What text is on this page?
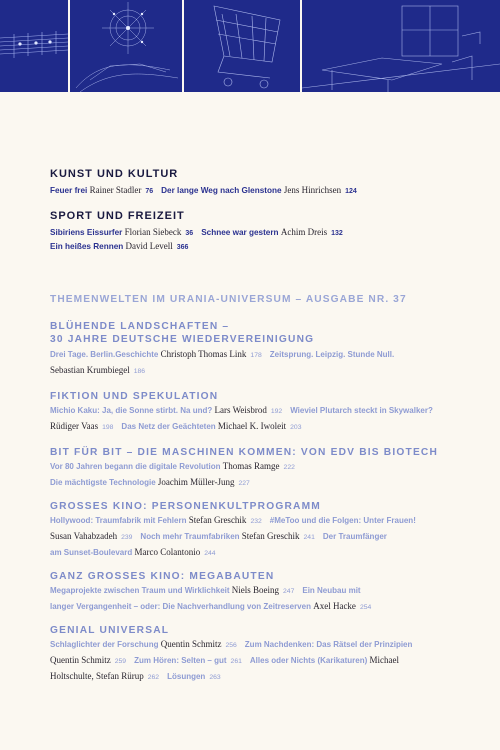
KUNST UND KULTUR
Feuer frei Rainer Stadler 76 Der lange Weg nach Glenstone Jens Hinrichsen 124
SPORT UND FREIZEIT
Sibiriens Eissurfer Florian Siebeck 36 Schnee war gestern Achim Dreis 132
Ein heißes Rennen David Levell 366
THEMENWELTEN IM URANIA-UNIVERSUM – AUSGABE NR. 37
BLÜHENDE LANDSCHAFTEN –
30 JAHRE DEUTSCHE WIEDERVEREINIGUNG
Drei Tage. Berlin.Geschichte Christoph Thomas Link 178 Zeitsprung. Leipzig. Stunde Null.
Sebastian Krumbiegel 186
FIKTION UND SPEKULATION
Michio Kaku: Ja, die Sonne stirbt. Na und? Lars Weisbrod 192 Wieviel Plutarch steckt in Skywalker?
Rüdiger Vaas 198 Das Netz der Geächteten Michael K. Iwoleit 203
BIT FÜR BIT – DIE MASCHINEN KOMMEN: VON EDV BIS BIOTECH
Vor 80 Jahren begann die digitale Revolution Thomas Ramge 222
Die mächtigste Technologie Joachim Müller-Jung 227
GROSSES KINO: PERSONENKULTPROGRAMM
Hollywood: Traumfabrik mit Fehlern Stefan Greschik 232 #MeToo und die Folgen: Unter Frauen!
Susan Vahabzadeh 239 Noch mehr Traumfabriken Stefan Greschik 241 Der Traumfänger
am Sunset-Boulevard Marco Colantonio 244
GANZ GROSSES KINO: MEGABAUTEN
Megaprojekte zwischen Traum und Wirklichkeit Niels Boeing 247 Ein Neubau mit
langer Vergangenheit – oder: Die Nachverhandlung von Zeitreserven Axel Hacke 254
GENIAL UNIVERSAL
Schlaglichter der Forschung Quentin Schmitz 256 Zum Nachdenken: Das Rätsel der Prinzipien
Quentin Schmitz 259 Zum Hören: Selten – gut 261 Alles oder Nichts (Karikaturen) Michael
Holtschulte, Stefan Rürup 262 Lösungen 263
